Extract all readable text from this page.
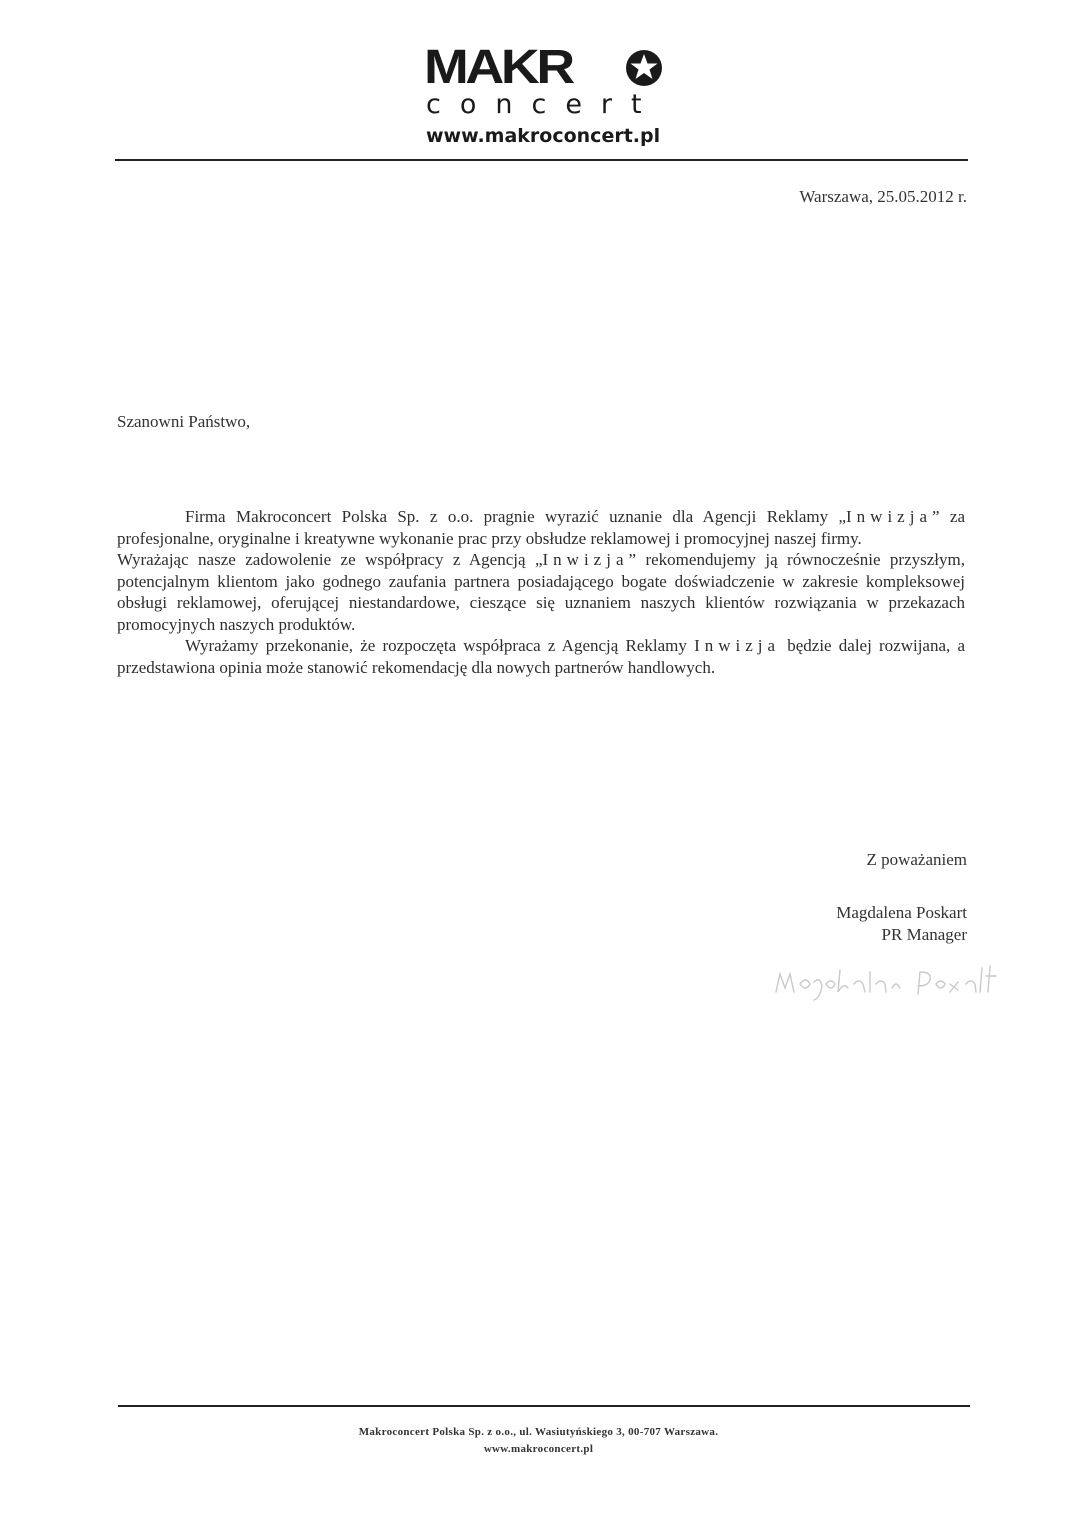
MAKR
concert
www.makroconcert.pl
Warszawa, 25.05.2012 r.
Szanowni Państwo,

Firma Makroconcert Polska Sp. z o.o. pragnie wyrazić uznanie dla Agencji Reklamy „Inwizja” za profesjonalne, oryginalne i kreatywne wykonanie prac przy obsłudze reklamowej i promocyjnej naszej firmy.

Wyrażając nasze zadowolenie ze współpracy z Agencją „Inwizja” rekomendujemy ją równocześnie przyszłym, potencjalnym klientom jako godnego zaufania partnera posiadającego bogate doświadczenie w zakresie kompleksowej obsługi reklamowej, oferującej niestandardowe, cieszące się uznaniem naszych klientów rozwiązania w przekazach promocyjnych naszych produktów.

Wyrażamy przekonanie, że rozpoczęta współpraca z Agencją Reklamy Inwizja będzie dalej rozwijana, a przedstawiona opinia może stanowić rekomendację dla nowych partnerów handlowych.

Z poważaniem
Magdalena Poskart
PR Manager
Makroconcert Polska Sp. z o.o., ul. Wasiutyńskiego 3, 00-707 Warszawa.
www.makroconcert.pl
